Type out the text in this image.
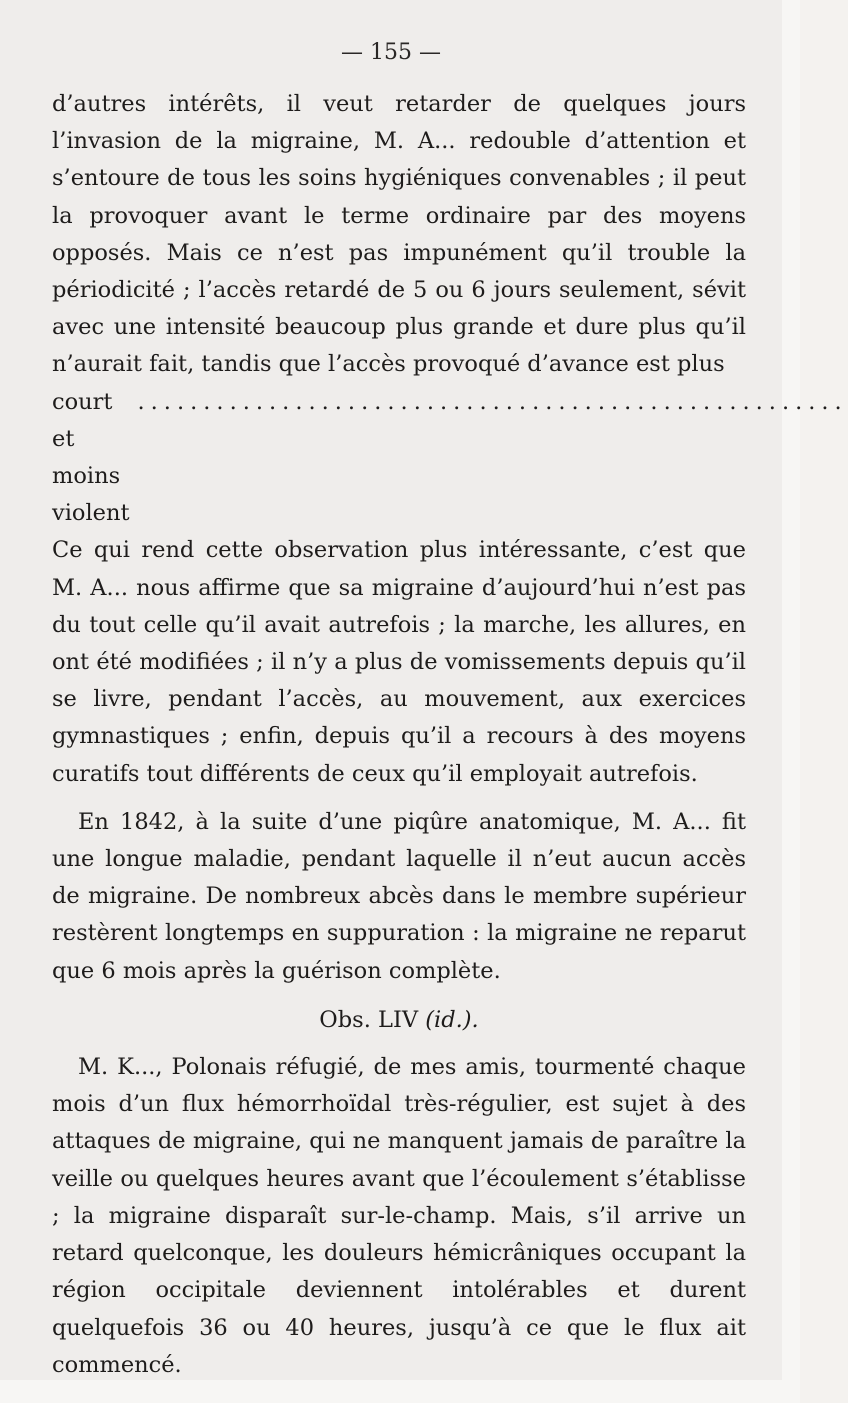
— 155 —

d’autres intérêts, il veut retarder de quelques jours l’invasion de la migraine, M. A... redouble d’attention et s’entoure de tous les soins hygiéniques convenables ; il peut la provoquer avant le terme ordinaire par des moyens opposés. Mais ce n’est pas impunément qu’il trouble la périodicité ; l’accès retardé de 5 ou 6 jours seulement, sévit avec une intensité beaucoup plus grande et dure plus qu’il n’aurait fait, tandis que l’accès provoqué d’avance est plus

court et moins violent
......................................................

Ce qui rend cette observation plus intéressante, c’est que M. A... nous affirme que sa migraine d’aujourd’hui n’est pas du tout celle qu’il avait autrefois ; la marche, les allures, en ont été modifiées ; il n’y a plus de vomissements depuis qu’il se livre, pendant l’accès, au mouvement, aux exercices gymnastiques ; enfin, depuis qu’il a recours à des moyens curatifs tout différents de ceux qu’il employait autrefois.

En 1842, à la suite d’une piqûre anatomique, M. A... fit une longue maladie, pendant laquelle il n’eut aucun accès de migraine. De nombreux abcès dans le membre supérieur restèrent longtemps en suppuration : la migraine ne reparut que 6 mois après la guérison complète.

Obs. LIV (id.).

M. K..., Polonais réfugié, de mes amis, tourmenté chaque mois d’un flux hémorrhoïdal très-régulier, est sujet à des attaques de migraine, qui ne manquent jamais de paraître la veille ou quelques heures avant que l’écoulement s’établisse ; la migraine disparaît sur-le-champ. Mais, s’il arrive un retard quelconque, les douleurs hémicrâniques occupant la région occipitale deviennent intolérables et durent quelquefois 36 ou 40 heures, jusqu’à ce que le flux ait commencé.
